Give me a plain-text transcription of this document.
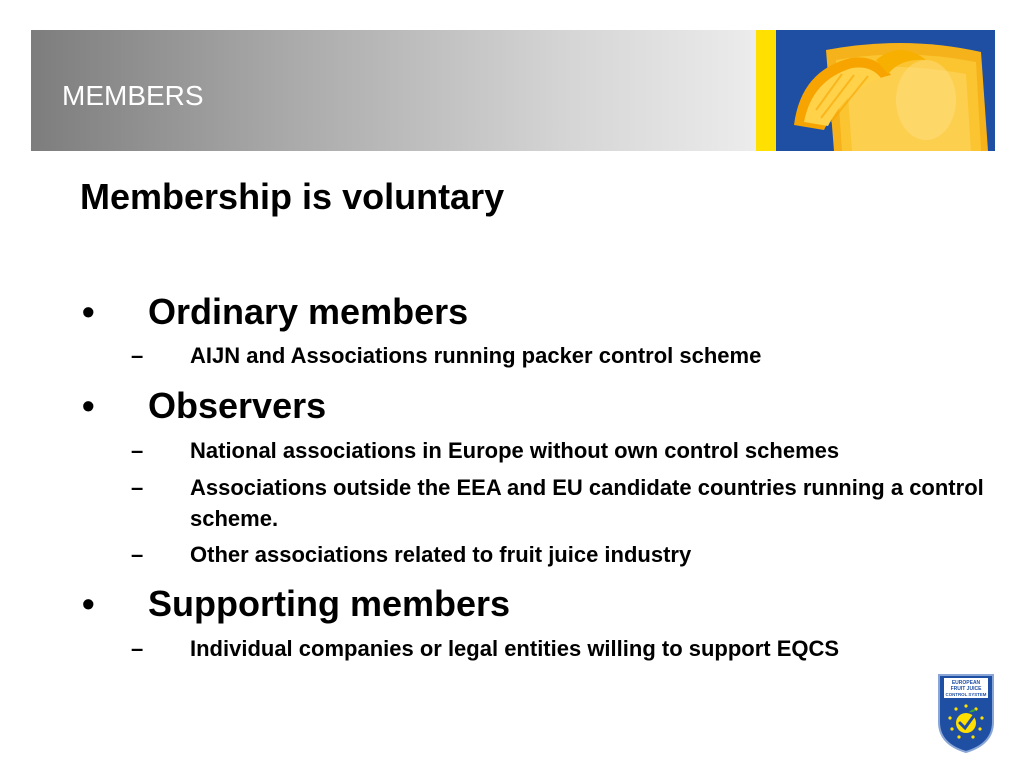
MEMBERS
Membership is voluntary
• Ordinary members
– AIJN and Associations running packer control scheme
• Observers
– National associations in Europe without own control schemes
– Associations outside the EEA and EU candidate countries running a control scheme.
– Other associations related to fruit juice industry
• Supporting members
– Individual companies or legal entities willing to support EQCS
EUROPEAN
FRUIT JUICE
CONTROL SYSTEM
